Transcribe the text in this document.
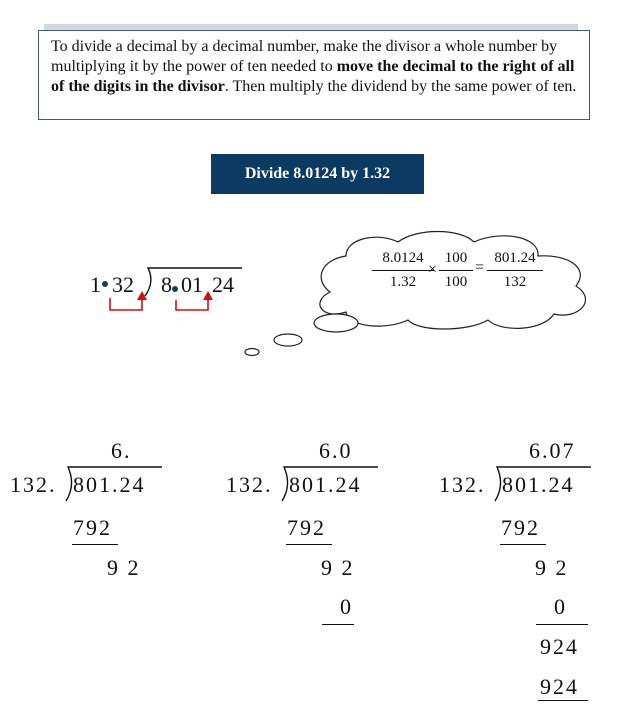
To divide a decimal by a decimal number, make the divisor a whole number by multiplying it by the power of ten needed to move the decimal to the right of all of the digits in the divisor. Then multiply the dividend by the same power of ten.
Divide 8.0124 by 1.32
1 32 8 01 24
8.0124
1.32
×
100
100
=
801.24
132
6.
132. 801.24
792
9 2
6.0
132. 801.24
792
9 2
0
6.07
132. 801.24
792
9 2
0
924
924
